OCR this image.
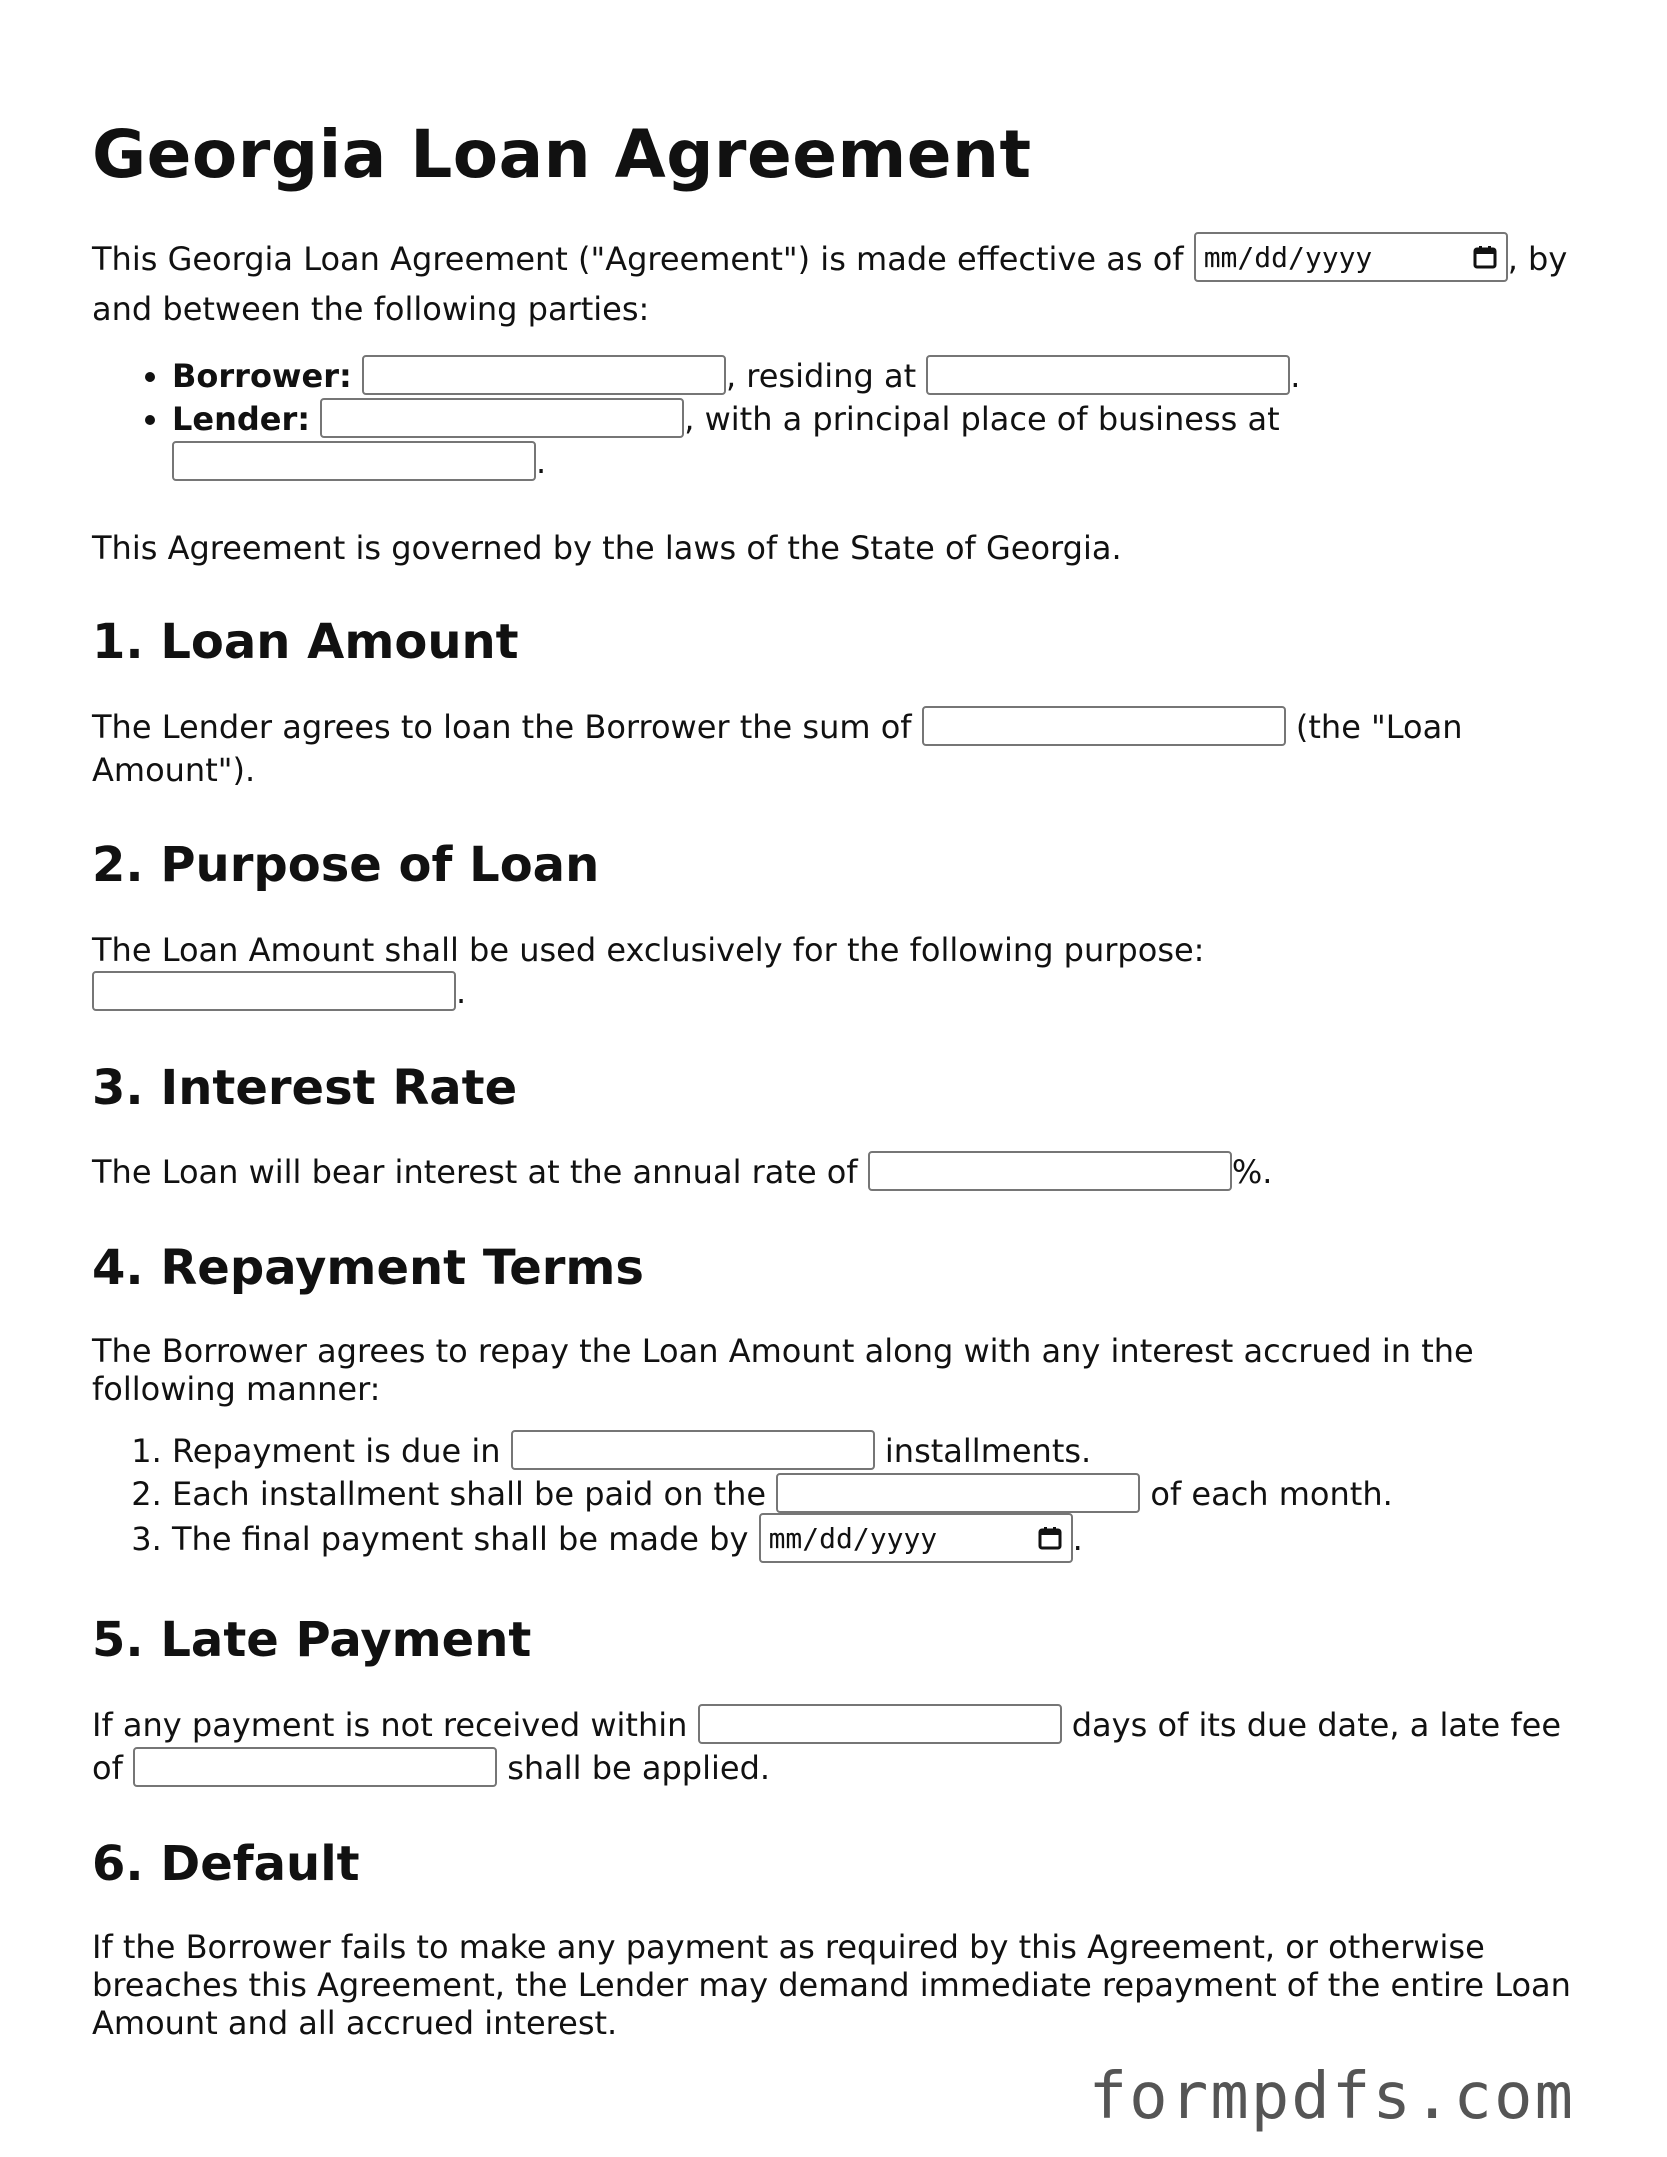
Georgia Loan Agreement

This Georgia Loan Agreement ("Agreement") is made effective as of mm/dd/yyyy	, by and between the following parties:

• Borrower:	, residing at	.
• Lender:	, with a principal place of business at
.

This Agreement is governed by the laws of the State of Georgia.

1. Loan Amount

The Lender agrees to loan the Borrower the sum of	(the "Loan Amount").

2. Purpose of Loan

The Loan Amount shall be used exclusively for the following purpose:
.

3. Interest Rate

The Loan will bear interest at the annual rate of	%.

4. Repayment Terms

The Borrower agrees to repay the Loan Amount along with any interest accrued in the following manner:

1. Repayment is due in	installments.
2. Each installment shall be paid on the	of each month.
3. The final payment shall be made by mm/dd/yyyy	.
5. Late Payment

If any payment is not received within	days of its due date, a late fee of	shall be applied.

6. Default

If the Borrower fails to make any payment as required by this Agreement, or otherwise breaches this Agreement, the Lender may demand immediate repayment of the entire Loan Amount and all accrued interest.

formpdfs.com
